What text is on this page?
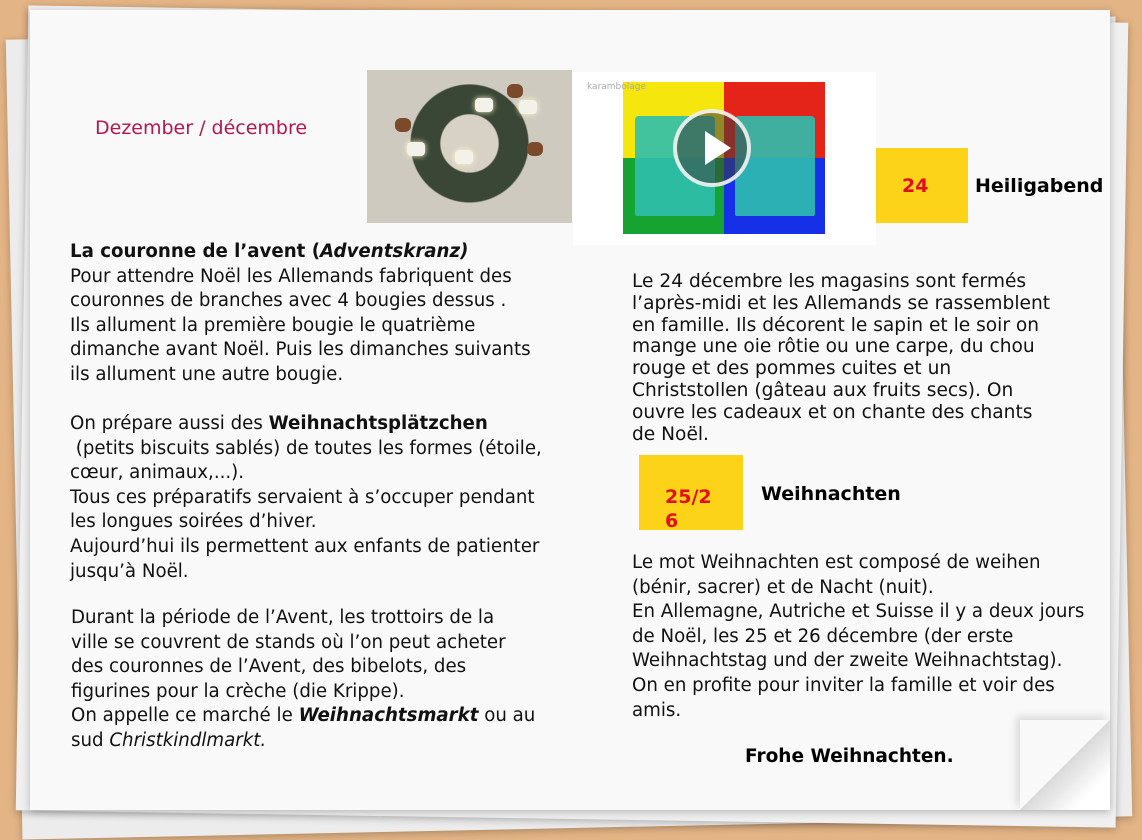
Dezember / décembre
karambolage
24 Heiligabend
25/2
6
Weihnachten
La couronne de l’avent (Adventskranz)
Pour attendre Noël les Allemands fabriquent des
couronnes de branches avec 4 bougies dessus .
Ils allument la première bougie le quatrième
dimanche avant Noël. Puis les dimanches suivants
ils allument une autre bougie.
On prépare aussi des Weihnachtsplätzchen
(petits biscuits sablés) de toutes les formes (étoile,
cœur, animaux,...).
Tous ces préparatifs servaient à s’occuper pendant
les longues soirées d’hiver.
Aujourd’hui ils permettent aux enfants de patienter
jusqu’à Noël.
Durant la période de l’Avent, les trottoirs de la
ville se couvrent de stands où l’on peut acheter
des couronnes de l’Avent, des bibelots, des
figurines pour la crèche (die Krippe).
On appelle ce marché le Weihnachtsmarkt ou au
sud Christkindlmarkt.
Le 24 décembre les magasins sont fermés
l’après-midi et les Allemands se rassemblent
en famille. Ils décorent le sapin et le soir on
mange une oie rôtie ou une carpe, du chou
rouge et des pommes cuites et un
Christstollen (gâteau aux fruits secs). On
ouvre les cadeaux et on chante des chants
de Noël.
Le mot Weihnachten est composé de weihen
(bénir, sacrer) et de Nacht (nuit).
En Allemagne, Autriche et Suisse il y a deux jours
de Noël, les 25 et 26 décembre (der erste
Weihnachtstag und der zweite Weihnachtstag).
On en profite pour inviter la famille et voir des
amis.
Frohe Weihnachten.
